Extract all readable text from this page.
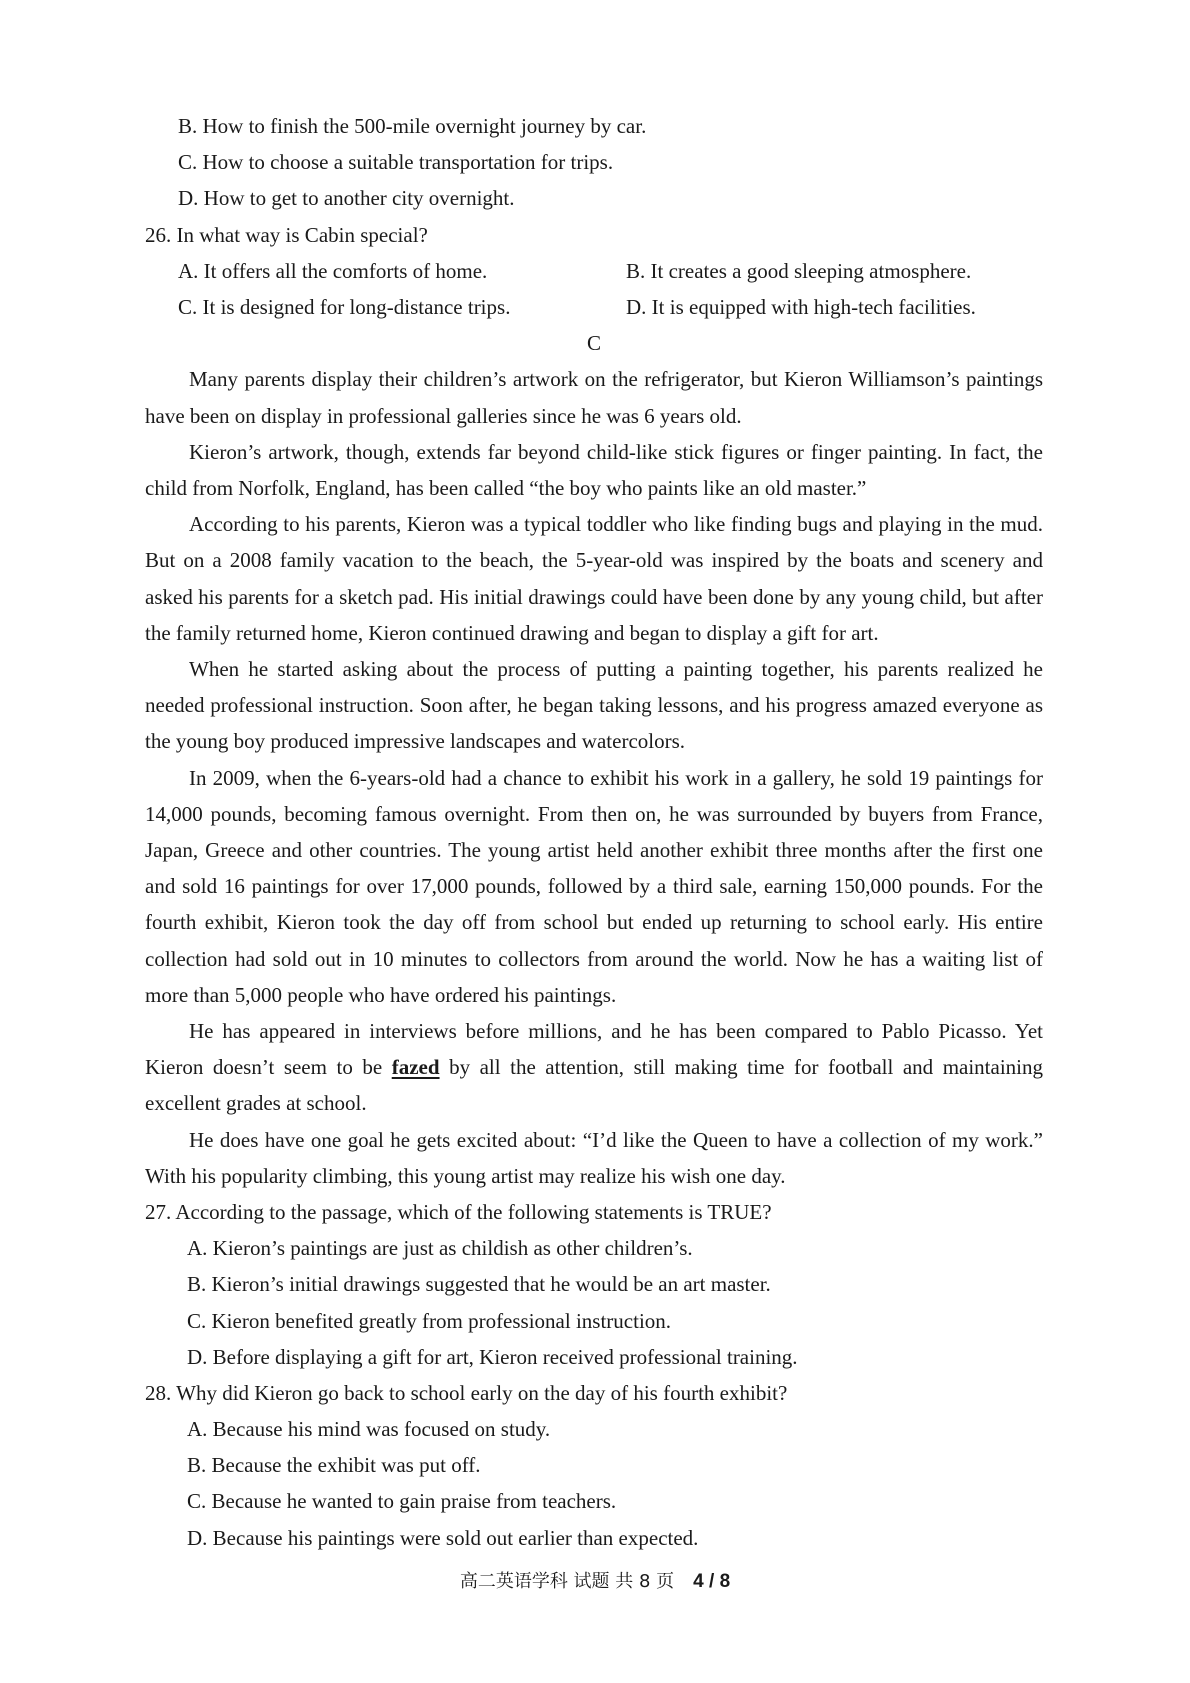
B. How to finish the 500-mile overnight journey by car.
C. How to choose a suitable transportation for trips.
D. How to get to another city overnight.
26. In what way is Cabin special?
A. It offers all the comforts of home.	B. It creates a good sleeping atmosphere.
C. It is designed for long-distance trips.	D. It is equipped with high-tech facilities.
C

Many parents display their children’s artwork on the refrigerator, but Kieron Williamson’s paintings have been on display in professional galleries since he was 6 years old.

Kieron’s artwork, though, extends far beyond child-like stick figures or finger painting. In fact, the child from Norfolk, England, has been called “the boy who paints like an old master.”

According to his parents, Kieron was a typical toddler who like finding bugs and playing in the mud. But on a 2008 family vacation to the beach, the 5-year-old was inspired by the boats and scenery and asked his parents for a sketch pad. His initial drawings could have been done by any young child, but after the family returned home, Kieron continued drawing and began to display a gift for art.

When he started asking about the process of putting a painting together, his parents realized he needed professional instruction. Soon after, he began taking lessons, and his progress amazed everyone as the young boy produced impressive landscapes and watercolors.

In 2009, when the 6-years-old had a chance to exhibit his work in a gallery, he sold 19 paintings for 14,000 pounds, becoming famous overnight. From then on, he was surrounded by buyers from France, Japan, Greece and other countries. The young artist held another exhibit three months after the first one and sold 16 paintings for over 17,000 pounds, followed by a third sale, earning 150,000 pounds. For the fourth exhibit, Kieron took the day off from school but ended up returning to school early. His entire collection had sold out in 10 minutes to collectors from around the world. Now he has a waiting list of more than 5,000 people who have ordered his paintings.

He has appeared in interviews before millions, and he has been compared to Pablo Picasso. Yet Kieron doesn’t seem to be fazed by all the attention, still making time for football and maintaining excellent grades at school.

He does have one goal he gets excited about: “I’d like the Queen to have a collection of my work.” With his popularity climbing, this young artist may realize his wish one day.

27. According to the passage, which of the following statements is TRUE?
A. Kieron’s paintings are just as childish as other children’s.
B. Kieron’s initial drawings suggested that he would be an art master.
C. Kieron benefited greatly from professional instruction.
D. Before displaying a gift for art, Kieron received professional training.
28. Why did Kieron go back to school early on the day of his fourth exhibit?
A. Because his mind was focused on study.
B. Because the exhibit was put off.
C. Because he wanted to gain praise from teachers.
D. Because his paintings were sold out earlier than expected.
高二英语学科 试题 共 8 页 4 / 8
